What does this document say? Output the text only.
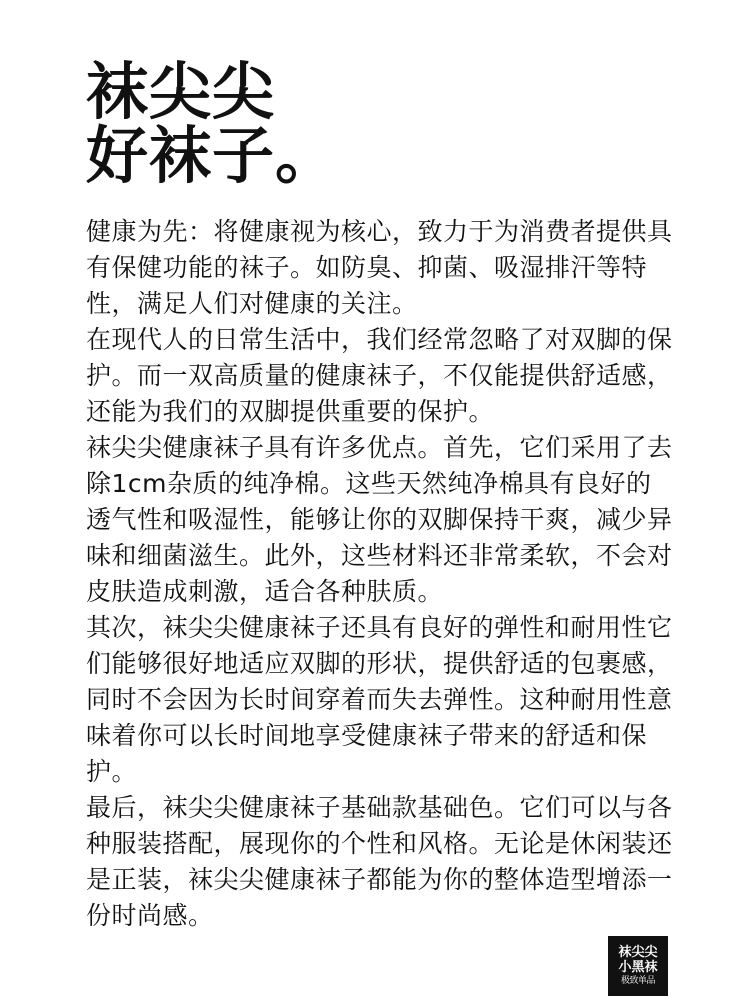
袜尖尖
好袜子。

健康为先：将健康视为核心，致力于为消费者提供具有保健功能的袜子。如防臭、抑菌、吸湿排汗等特性，满足人们对健康的关注。

在现代人的日常生活中，我们经常忽略了对双脚的保护。而一双高质量的健康袜子，不仅能提供舒适感，还能为我们的双脚提供重要的保护。

袜尖尖健康袜子具有许多优点。首先，它们采用了去除1cm杂质的纯净棉。这些天然纯净棉具有良好的透气性和吸湿性，能够让你的双脚保持干爽，减少异味和细菌滋生。此外，这些材料还非常柔软，不会对皮肤造成刺激，适合各种肤质。

其次，袜尖尖健康袜子还具有良好的弹性和耐用性它们能够很好地适应双脚的形状，提供舒适的包裹感，同时不会因为长时间穿着而失去弹性。这种耐用性意味着你可以长时间地享受健康袜子带来的舒适和保护。

最后，袜尖尖健康袜子基础款基础色。它们可以与各种服装搭配，展现你的个性和风格。无论是休闲装还是正装，袜尖尖健康袜子都能为你的整体造型增添一份时尚感。

袜尖尖
小黑袜
极致单品
